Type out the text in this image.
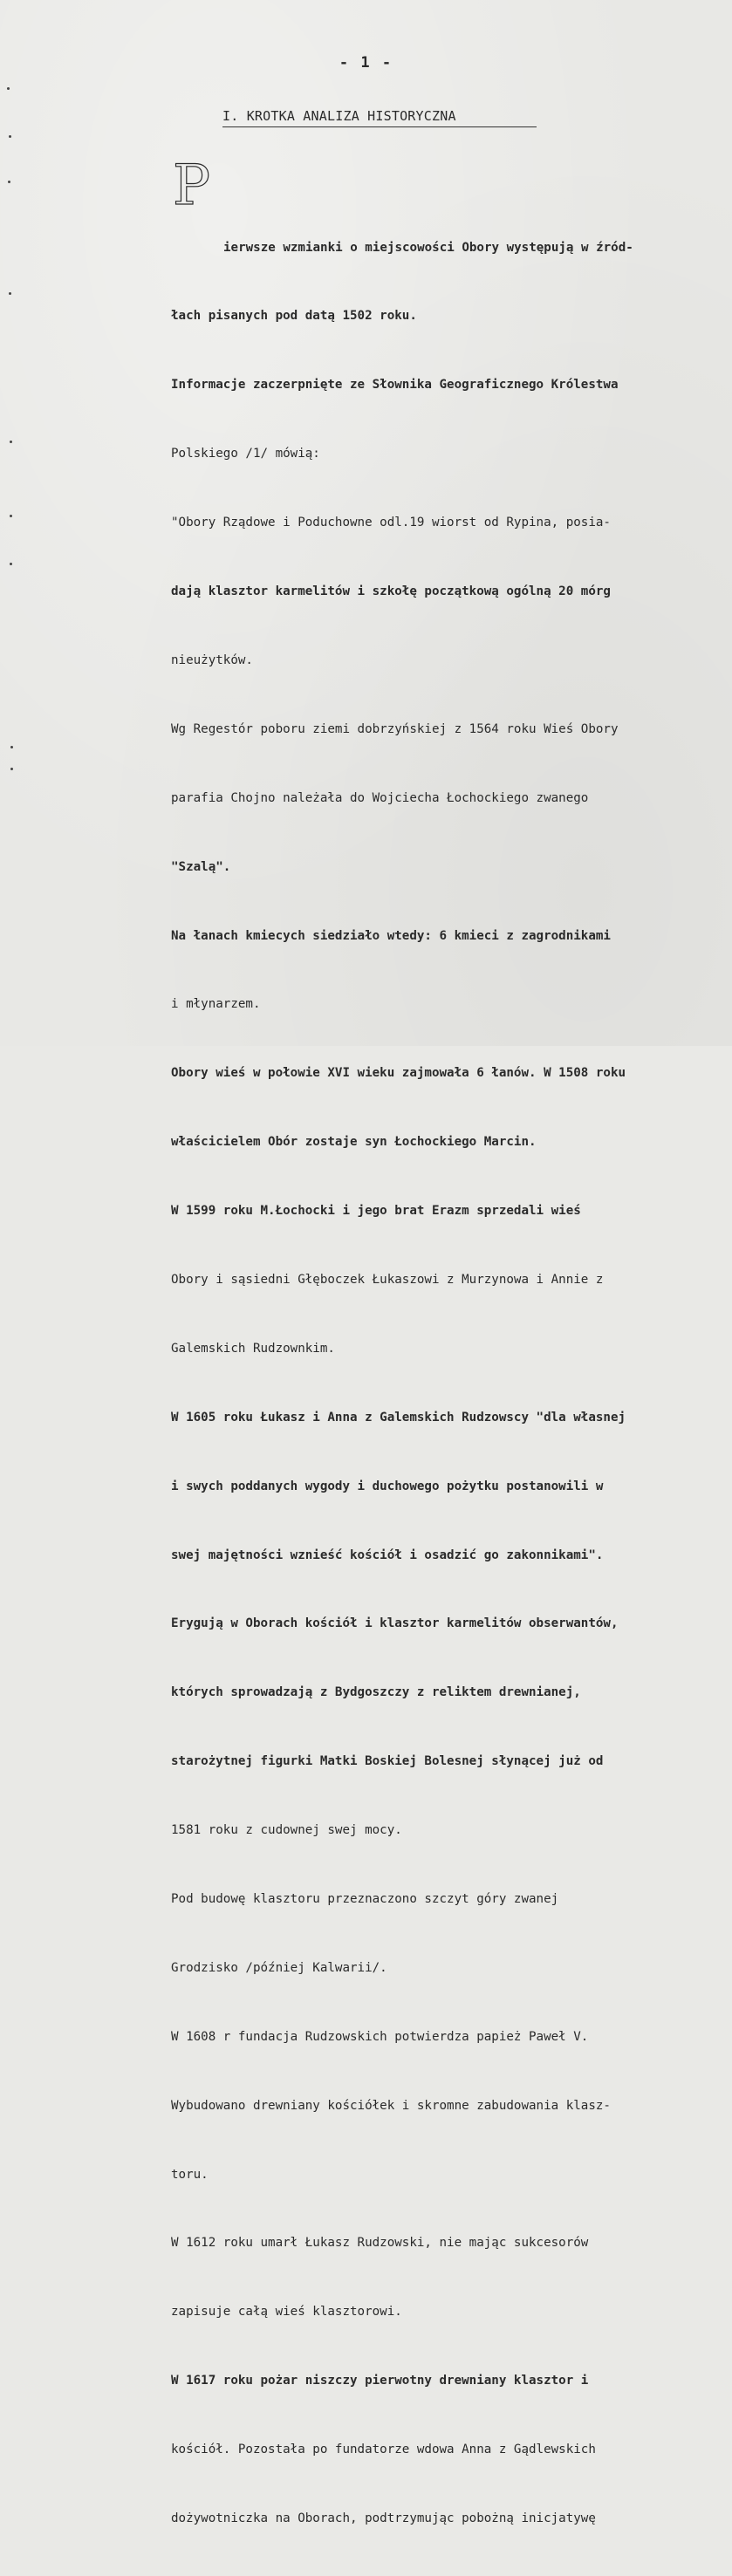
- 1 -
I. KROTKA ANALIZA HISTORYCZNA
P

ierwsze wzmianki o miejscowości Obory występują w źród-

łach pisanych pod datą 1502 roku.

Informacje zaczerpnięte ze Słownika Geograficznego Królestwa

Polskiego /1/ mówią:

"Obory Rządowe i Poduchowne odl.19 wiorst od Rypina, posia-

dają klasztor karmelitów i szkołę początkową ogólną 20 mórg

nieużytków.

Wg Regestór poboru ziemi dobrzyńskiej z 1564 roku Wieś Obory

parafia Chojno należała do Wojciecha Łochockiego zwanego

"Szalą".

Na łanach kmiecych siedziało wtedy: 6 kmieci z zagrodnikami

i młynarzem.

Obory wieś w połowie XVI wieku zajmowała 6 łanów. W 1508 roku

właścicielem Obór zostaje syn Łochockiego Marcin.

W 1599 roku M.Łochocki i jego brat Erazm sprzedali wieś

Obory i sąsiedni Głęboczek Łukaszowi z Murzynowa i Annie z

Galemskich Rudzownkim.

W 1605 roku Łukasz i Anna z Galemskich Rudzowscy "dla własnej

i swych poddanych wygody i duchowego pożytku postanowili w

swej majętności wznieść kościół i osadzić go zakonnikami".

Erygują w Oborach kościół i klasztor karmelitów obserwantów,

których sprowadzają z Bydgoszczy z reliktem drewnianej,

starożytnej figurki Matki Boskiej Bolesnej słynącej już od

1581 roku z cudownej swej mocy.

Pod budowę klasztoru przeznaczono szczyt góry zwanej

Grodzisko /później Kalwarii/.

W 1608 r fundacja Rudzowskich potwierdza papież Paweł V.

Wybudowano drewniany kościółek i skromne zabudowania klasz-

toru.

W 1612 roku umarł Łukasz Rudzowski, nie mając sukcesorów

zapisuje całą wieś klasztorowi.

W 1617 roku pożar niszczy pierwotny drewniany klasztor i

kościół. Pozostała po fundatorze wdowa Anna z Gądlewskich

dożywotniczka na Oborach, podtrzymując pobożną inicjatywę
